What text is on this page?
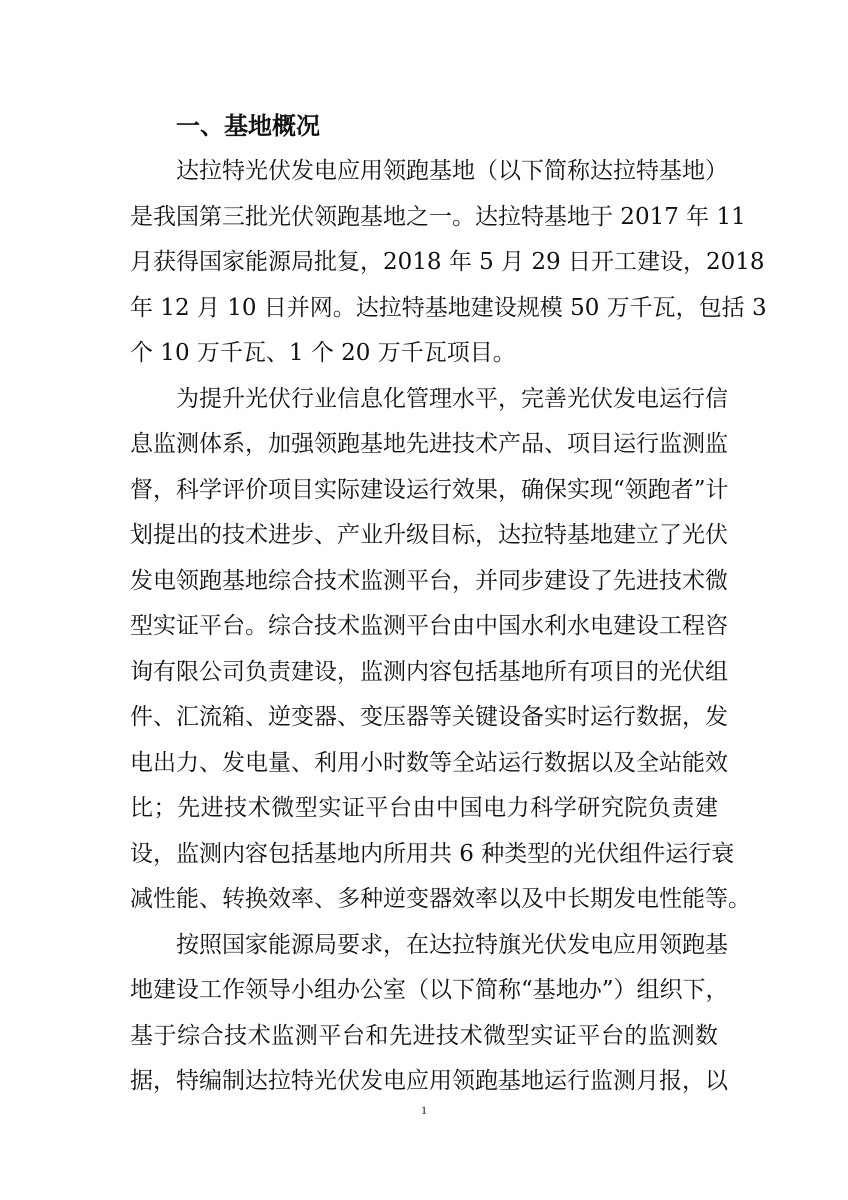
一、基地概况
达拉特光伏发电应用领跑基地（以下简称达拉特基地）
是我国第三批光伏领跑基地之一。达拉特基地于 2017 年 11
月获得国家能源局批复，2018 年 5 月 29 日开工建设，2018
年 12 月 10 日并网。达拉特基地建设规模 50 万千瓦，包括 3
个 10 万千瓦、1 个 20 万千瓦项目。
为提升光伏行业信息化管理水平，完善光伏发电运行信
息监测体系，加强领跑基地先进技术产品、项目运行监测监
督，科学评价项目实际建设运行效果，确保实现“领跑者”计
划提出的技术进步、产业升级目标，达拉特基地建立了光伏
发电领跑基地综合技术监测平台，并同步建设了先进技术微
型实证平台。综合技术监测平台由中国水利水电建设工程咨
询有限公司负责建设，监测内容包括基地所有项目的光伏组
件、汇流箱、逆变器、变压器等关键设备实时运行数据，发
电出力、发电量、利用小时数等全站运行数据以及全站能效
比；先进技术微型实证平台由中国电力科学研究院负责建
设，监测内容包括基地内所用共 6 种类型的光伏组件运行衰
减性能、转换效率、多种逆变器效率以及中长期发电性能等。
按照国家能源局要求，在达拉特旗光伏发电应用领跑基
地建设工作领导小组办公室（以下简称“基地办”）组织下，
基于综合技术监测平台和先进技术微型实证平台的监测数
据，特编制达拉特光伏发电应用领跑基地运行监测月报，以
1
